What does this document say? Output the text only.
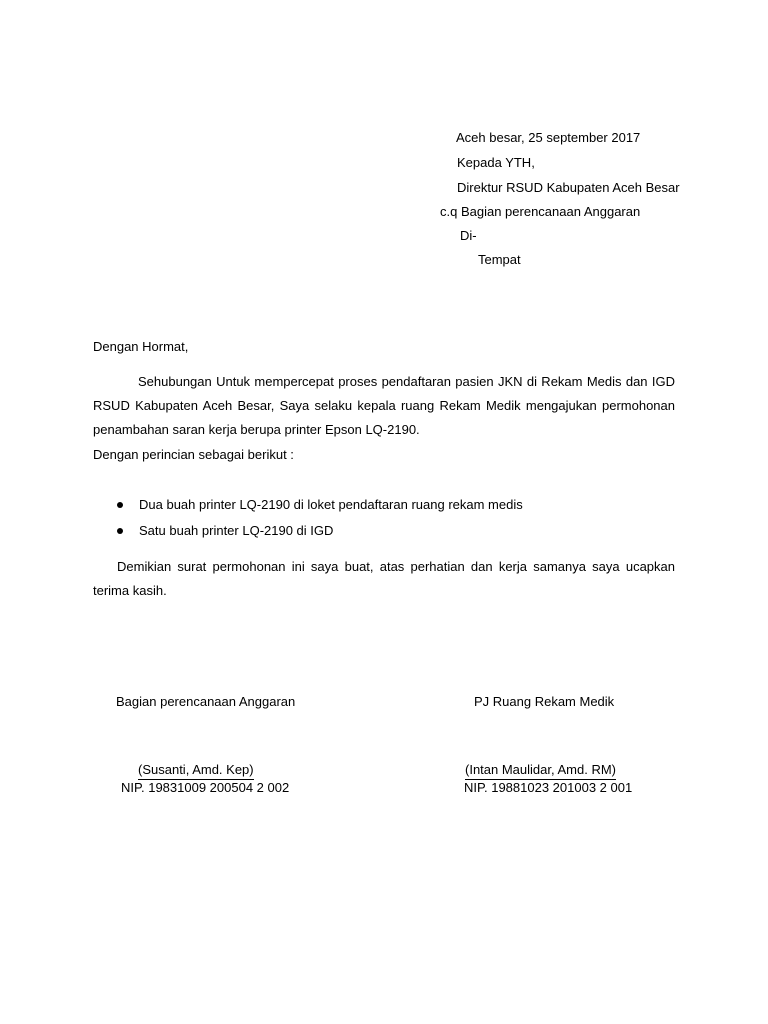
Aceh besar, 25 september 2017
Kepada YTH,
Direktur RSUD Kabupaten Aceh Besar
c.q Bagian perencanaan Anggaran
Di-
Tempat
Dengan Hormat,
Sehubungan Untuk mempercepat proses pendaftaran pasien JKN di Rekam Medis dan IGD RSUD Kabupaten Aceh Besar, Saya selaku kepala ruang Rekam Medik mengajukan permohonan penambahan saran kerja berupa printer Epson LQ-2190.
Dengan perincian sebagai berikut :
Dua buah printer LQ-2190 di loket pendaftaran ruang rekam medis
Satu buah printer LQ-2190 di IGD
Demikian surat permohonan ini saya buat, atas perhatian dan kerja samanya saya ucapkan terima kasih.
Bagian perencanaan Anggaran
(Susanti, Amd. Kep)
NIP. 19831009 200504 2 002
PJ Ruang Rekam Medik
(Intan Maulidar, Amd. RM)
NIP. 19881023 201003 2 001
